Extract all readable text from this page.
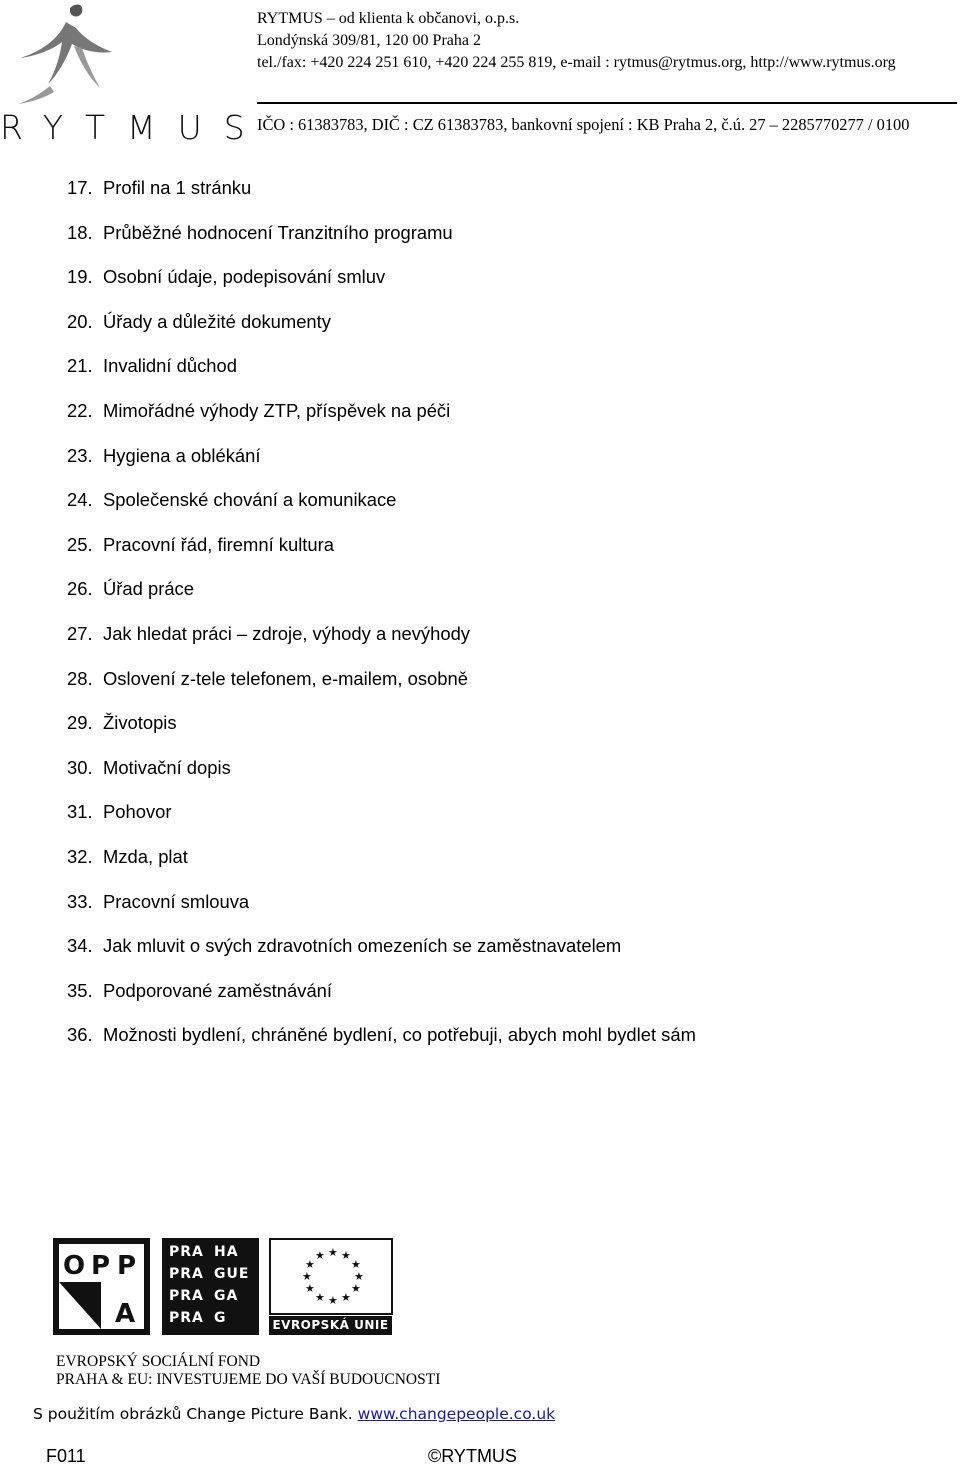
RYTMUS
RYTMUS – od klienta k občanovi, o.p.s.
Londýnská 309/81, 120 00 Praha 2
tel./fax: +420 224 251 610, +420 224 255 819, e-mail : rytmus@rytmus.org, http://www.rytmus.org
IČO : 61383783, DIČ : CZ 61383783, bankovní spojení : KB Praha 2, č.ú. 27 – 2285770277 / 0100
17. Profil na 1 stránku
18. Průběžné hodnocení Tranzitního programu
19. Osobní údaje, podepisování smluv
20. Úřady a důležité dokumenty
21. Invalidní důchod
22. Mimořádné výhody ZTP, příspěvek na péči
23. Hygiena a oblékání
24. Společenské chování a komunikace
25. Pracovní řád, firemní kultura
26. Úřad práce
27. Jak hledat práci – zdroje, výhody a nevýhody
28. Oslovení z-tele telefonem, e-mailem, osobně
29. Životopis
30. Motivační dopis
31. Pohovor
32. Mzda, plat
33. Pracovní smlouva
34. Jak mluvit o svých zdravotních omezeních se zaměstnavatelem
35. Podporované zaměstnávání
36. Možnosti bydlení, chráněné bydlení, co potřebuji, abych mohl bydlet sám
O P P
A
PRA HA
PRA GUE
PRA GA
PRA G
★ ★
★
★
★
★
★
★
★
★
★
★
EVROPSKÁ UNIE
EVROPSKÝ SOCIÁLNÍ FOND
PRAHA & EU: INVESTUJEME DO VAŠÍ BUDOUCNOSTI
S použitím obrázků Change Picture Bank. www.changepeople.co.uk
F011	©RYTMUS
